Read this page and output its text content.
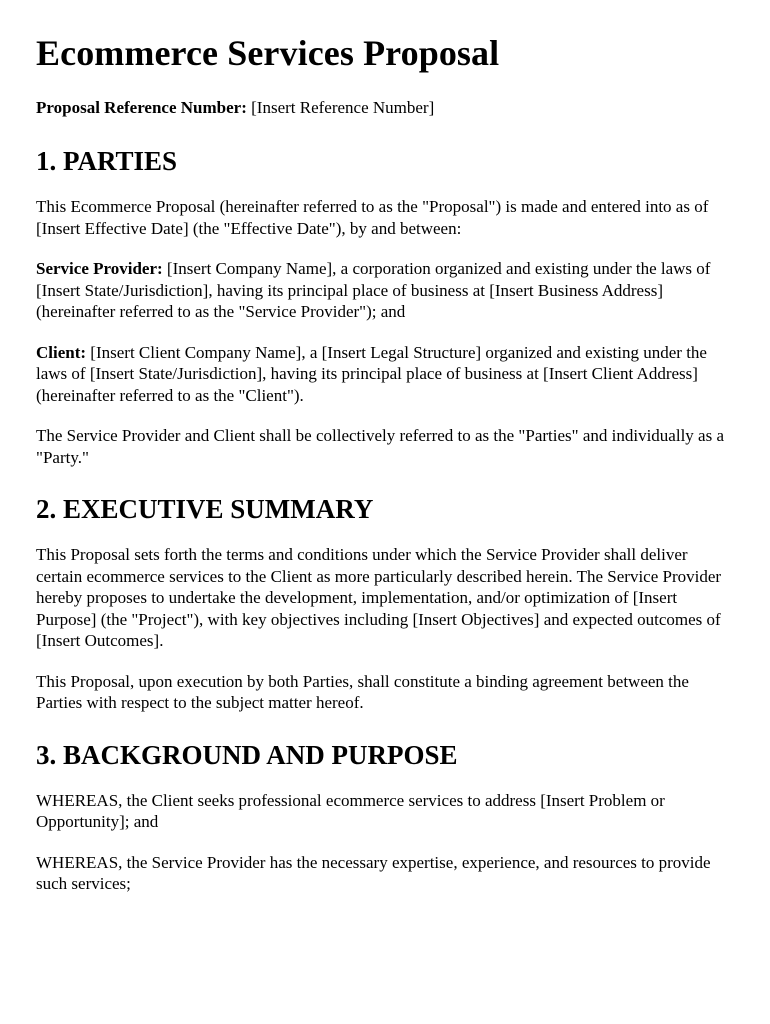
Ecommerce Services Proposal

Proposal Reference Number: [Insert Reference Number]

1. PARTIES

This Ecommerce Proposal (hereinafter referred to as the "Proposal") is made and entered into as of [Insert Effective Date] (the "Effective Date"), by and between:

Service Provider: [Insert Company Name], a corporation organized and existing under the laws of [Insert State/Jurisdiction], having its principal place of business at [Insert Business Address] (hereinafter referred to as the "Service Provider"); and

Client: [Insert Client Company Name], a [Insert Legal Structure] organized and existing under the laws of [Insert State/Jurisdiction], having its principal place of business at [Insert Client Address] (hereinafter referred to as the "Client").

The Service Provider and Client shall be collectively referred to as the "Parties" and individually as a "Party."

2. EXECUTIVE SUMMARY

This Proposal sets forth the terms and conditions under which the Service Provider shall deliver certain ecommerce services to the Client as more particularly described herein. The Service Provider hereby proposes to undertake the development, implementation, and/or optimization of [Insert Purpose] (the "Project"), with key objectives including [Insert Objectives] and expected outcomes of [Insert Outcomes].

This Proposal, upon execution by both Parties, shall constitute a binding agreement between the Parties with respect to the subject matter hereof.

3. BACKGROUND AND PURPOSE

WHEREAS, the Client seeks professional ecommerce services to address [Insert Problem or Opportunity]; and

WHEREAS, the Service Provider has the necessary expertise, experience, and resources to provide such services;
